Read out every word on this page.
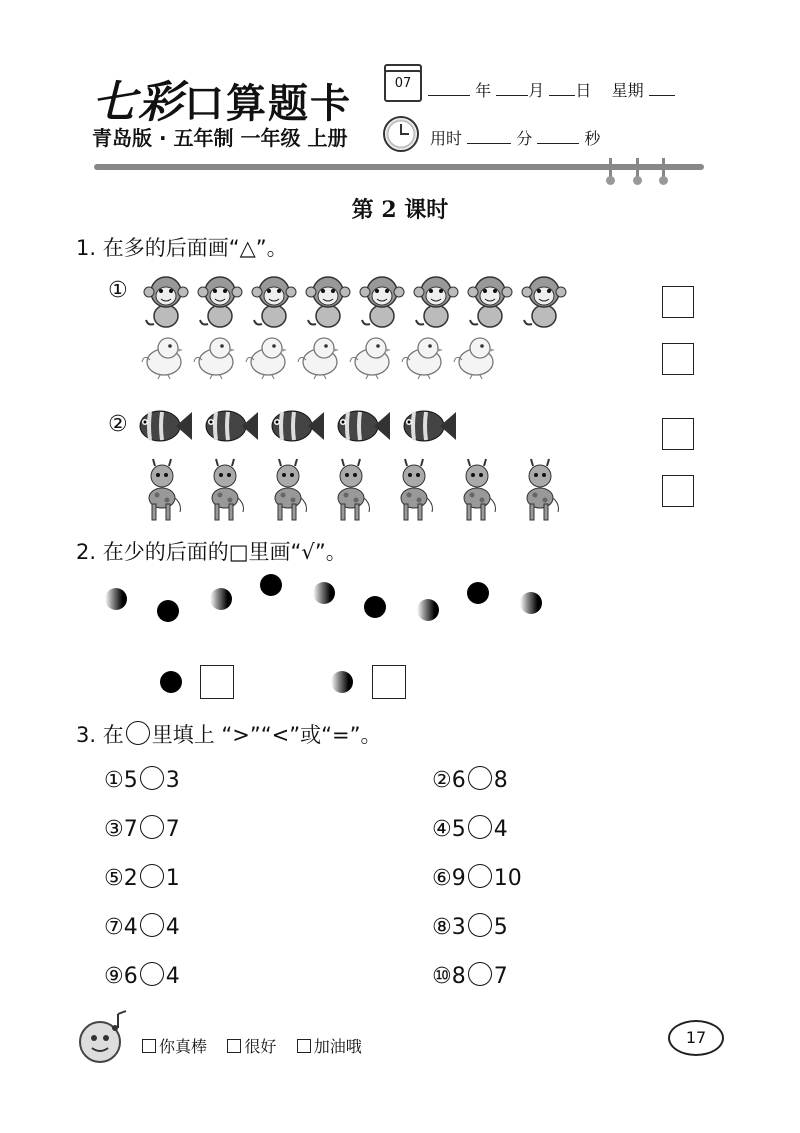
七彩口算题卡
青岛版 · 五年制 一年级 上册
07	年 月 日 星期
用时	分	秒
第 2 课时
1. 在多的后面画“△”。
①
②
2. 在少的后面的□里画“√”。
3. 在 里填上 “>”“<”或“=”。
①5 3	②6 8
③7 7	④5 4
⑤2 1	⑥9 10
⑦4 4	⑧3 5
⑨6 4	⑩8 7
你真棒 很好 加油哦	17
